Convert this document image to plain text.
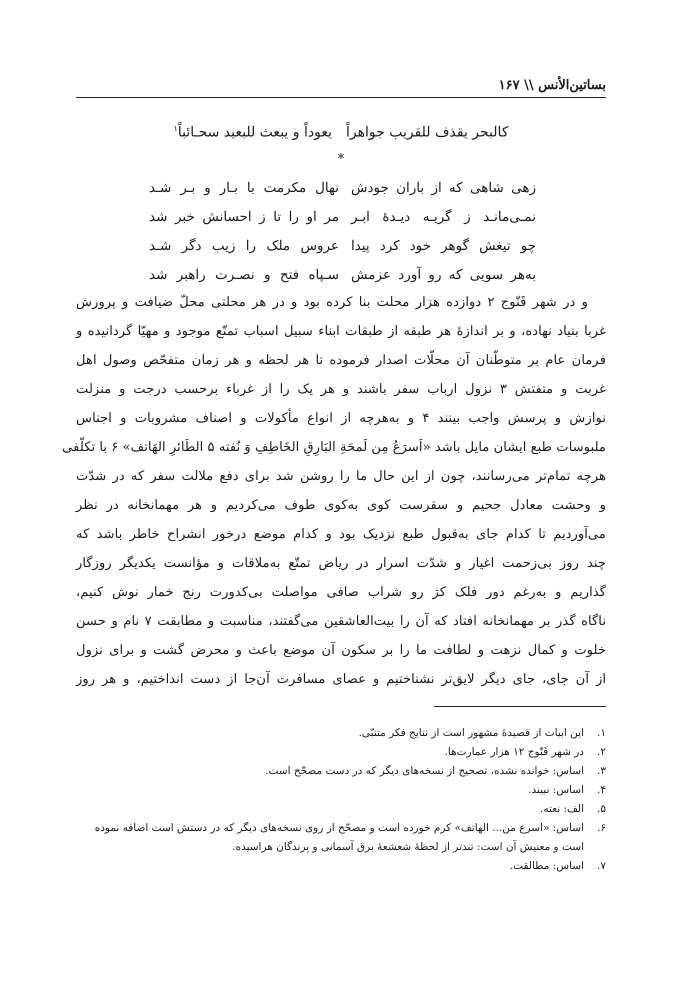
بساتین‌الأنس \\ ۱۶۷
کالبحر یقذف للقریب جواهراًیعوداً و یبعث للبعید سحـائباً$^۱$
*
زهی شاهی که از باران جودش
نهال مکرمت با بـار و بـر شـد
نمـی‌مانـد ز گریـه دیـدهٔ ابـر
مر او را تا ز احسانش خبر شد
چو تیغش گوهر خود کرد پیدا
عروس ملک را زیب دگر شـد
به‌هر سویی که رو آورد عزمش
سـپاه فتح و نصـرت راهبر شد
و در شهر قَنّوج ۲ دوازده هزار محلت بنا کرده بود و در هر محلتی محلّ ضیافت و پرورش
غربا بنیاد نهاده، و بر اندازهٔ هر طبقه از طبقات ابناء سبیل اسباب تمتّع موجود و مهیّا گردانیده و
فرمان عام بر متوطّنان آن محلّات اصدار فرموده تا هر لحظه و هر زمان متفحّص وصول اهل
غربت و متفتش ۳ نزول ارباب سفر باشند و هر یک را از غرباء برحسب درجت و منزلت
نوازش و پرسش واجب بینند ۴ و به‌هرچه از انواع مأکولات و اصناف مشروبات و اجناس
ملبوسات طبع ایشان مایل باشد «اَسرَعُ مِن لَمحَةِ البَارِقِ الخَاطِفِ وَ نُفته ۵ الطَائرِ الهَاتف» ۶ با تکلّفی
هرچه تمام‌تر می‌رسانند، چون از این حال ما را روشن شد برای دفع ملالت سفر که در شدّت
و وحشت معادل جحیم و سقرست کوی به‌کوی طوف می‌کردیم و هر مهمانخانه در نظر
می‌آوردیم تا کدام جای به‌قبول طبع نزدیک بود و کدام موضع درخور انشراح خاطر باشد که
چند روز بی‌زحمت اغیار و شدّت اسرار در ریاض تمتّع به‌ملاقات و مؤانست یکدیگر روزگار
گذاریم و به‌رغم دور فلک کژ رو شراب صافی مواصلت بی‌کدورت رنج خمار نوش کنیم،
ناگاه گذر بر مهمانخانه افتاد که آن را بیت‌العاشقین می‌گفتند، مناسبت و مطابقت ۷ نام و حسن
خلوت و کمال نزهت و لطافت ما را بر سکون آن موضع باعث و محرض گشت و برای نزول
از آن جای، جای دیگر لایق‌تر نشناختیم و عصای مسافرت آن‌جا از دست انداختیم، و هر روز
۱.
این ابیات از قصیدهٔ مشهور است از نتایج فکر متنبّی.
۲.
در شهر قَنّوج ۱۲ هزار عمارت‌ها.
۳.
اساس: خوانده نشده، تصحیح از نسخه‌های دیگر که در دست مصحّح است.
۴.
اساس: نبیند.
۵.
الف: نعته.
۶.
اساس: «اسرع من... الهاتف» کرم خورده است و مصحّح از روی نسخه‌های دیگر که در دستش است اضافه نموده است و معنیش آن است: تندتر از لحظهٔ شعشعهٔ برق آسمانی و پرندگان هراسیده.
۷.
اساس: مطالقت.
